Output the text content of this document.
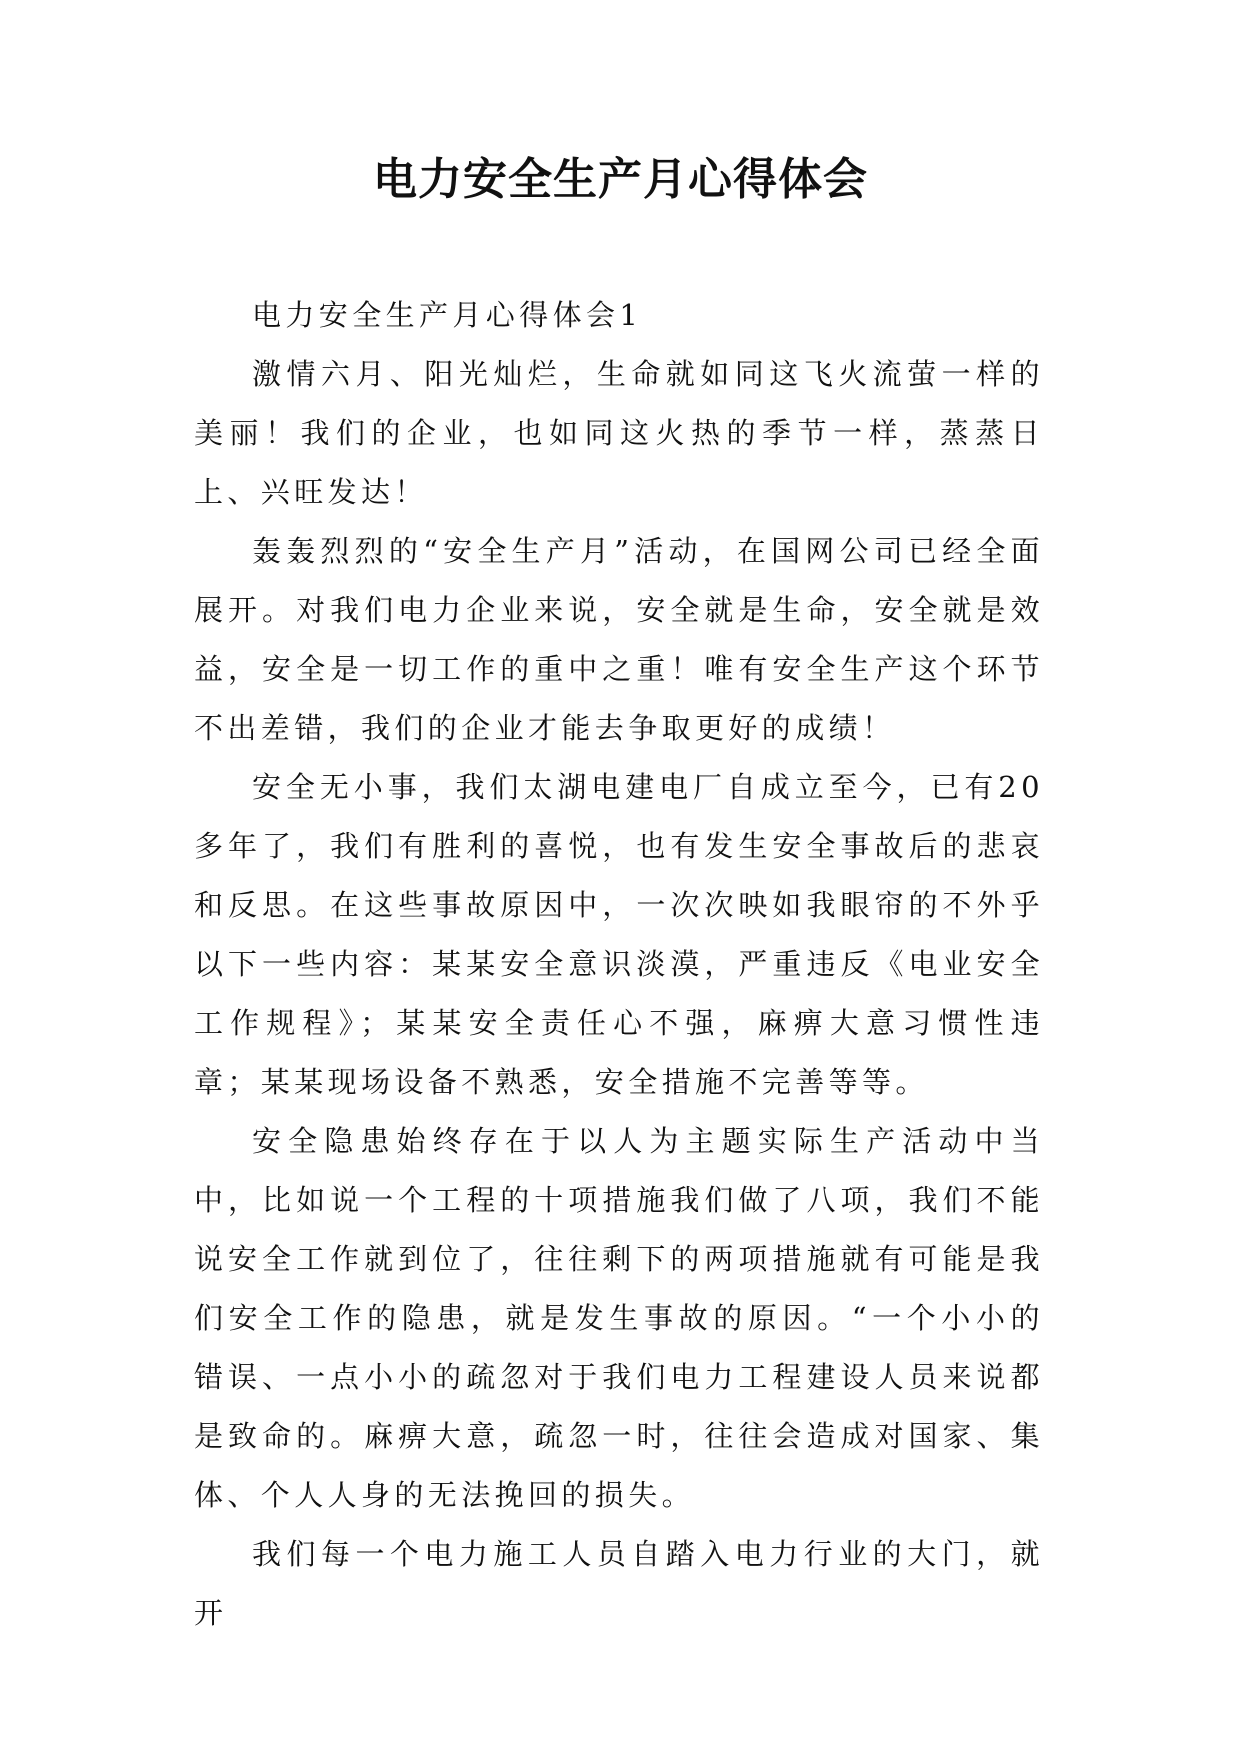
电力安全生产月心得体会

电力安全生产月心得体会1

激情六月、阳光灿烂，生命就如同这飞火流萤一样的美丽！我们的企业，也如同这火热的季节一样，蒸蒸日上、兴旺发达！

轰轰烈烈的“安全生产月”活动，在国网公司已经全面展开。对我们电力企业来说，安全就是生命，安全就是效益，安全是一切工作的重中之重！唯有安全生产这个环节不出差错，我们的企业才能去争取更好的成绩！

安全无小事，我们太湖电建电厂自成立至今，已有20多年了，我们有胜利的喜悦，也有发生安全事故后的悲哀和反思。在这些事故原因中，一次次映如我眼帘的不外乎以下一些内容：某某安全意识淡漠，严重违反《电业安全工作规程》；某某安全责任心不强，麻痹大意习惯性违章；某某现场设备不熟悉，安全措施不完善等等。

安全隐患始终存在于以人为主题实际生产活动中当中，比如说一个工程的十项措施我们做了八项，我们不能说安全工作就到位了，往往剩下的两项措施就有可能是我们安全工作的隐患，就是发生事故的原因。“一个小小的错误、一点小小的疏忽对于我们电力工程建设人员来说都是致命的。麻痹大意，疏忽一时，往往会造成对国家、集体、个人人身的无法挽回的损失。

我们每一个电力施工人员自踏入电力行业的大门，就开
